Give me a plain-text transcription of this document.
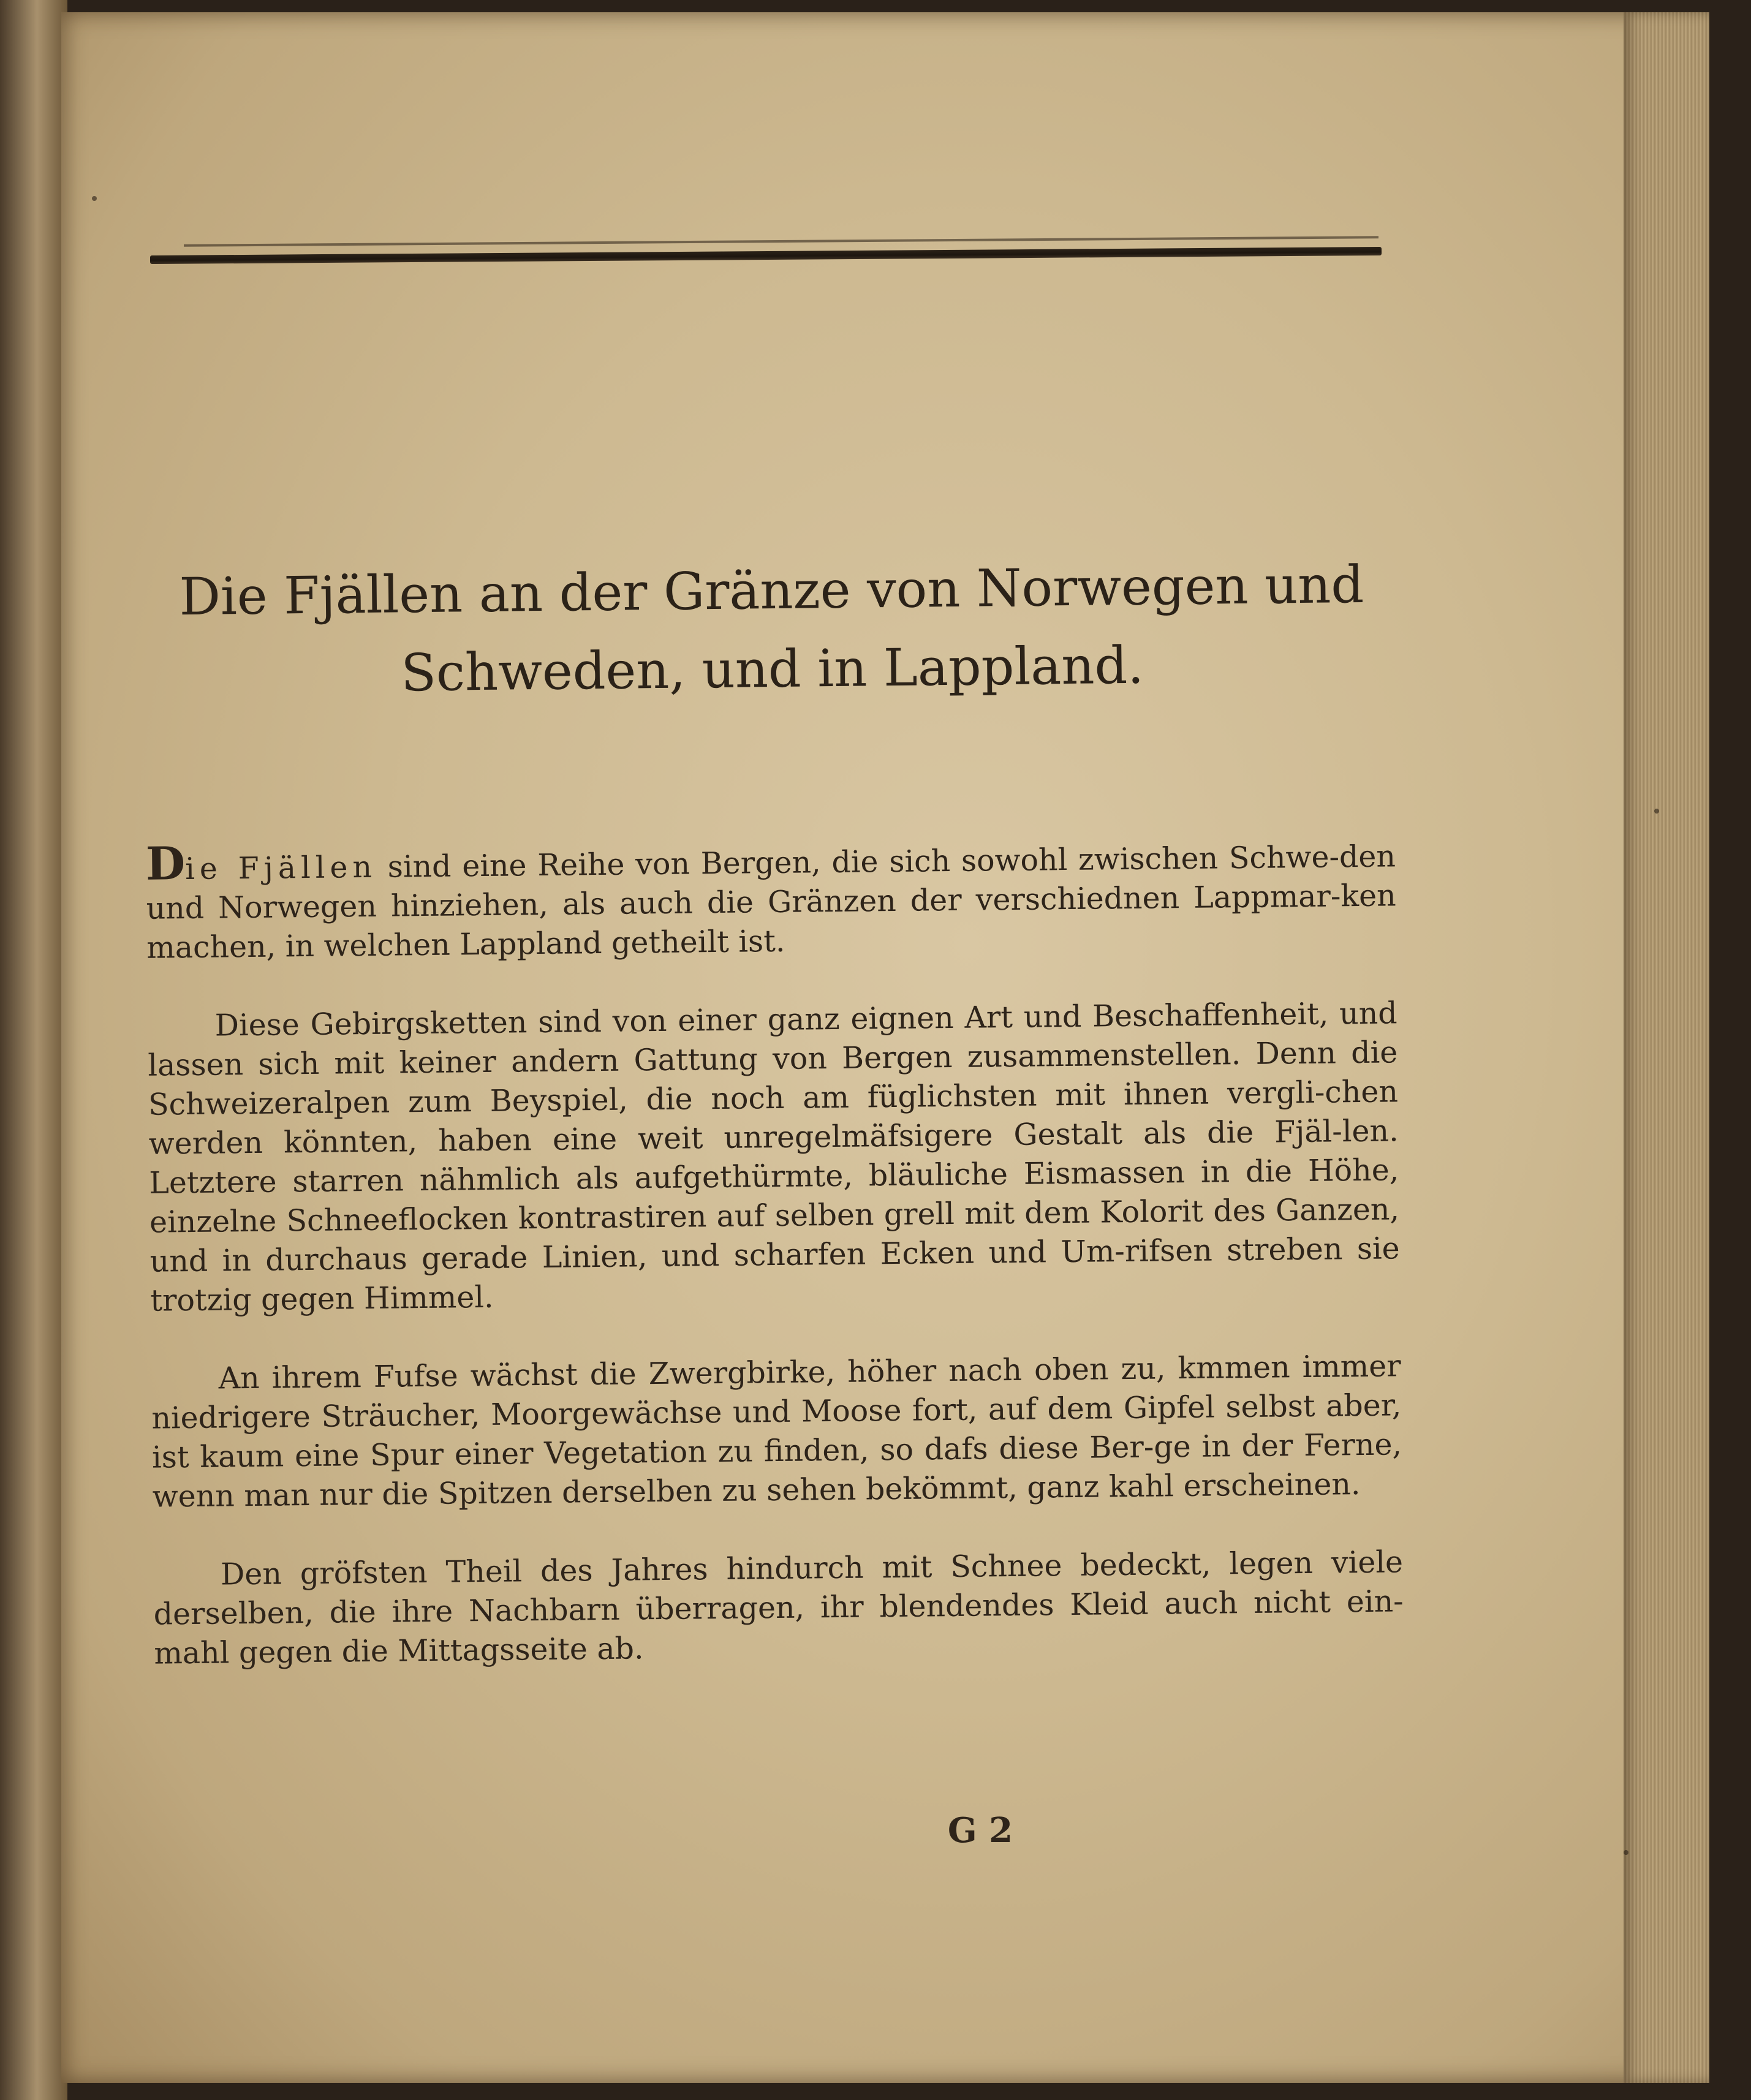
Die Fjällen an der Gränze von Norwegen und
Schweden, und in Lappland.

Die Fjällen sind eine Reihe von Bergen, die sich sowohl zwischen Schwe-den und Norwegen hinziehen, als auch die Gränzen der verschiednen Lappmar-ken machen, in welchen Lappland getheilt ist.

Diese Gebirgsketten sind von einer ganz eignen Art und Beschaffenheit, und lassen sich mit keiner andern Gattung von Bergen zusammenstellen. Denn die Schweizeralpen zum Beyspiel, die noch am füglichsten mit ihnen vergli-chen werden könnten, haben eine weit unregelmäfsigere Gestalt als die Fjäl-len. Letztere starren nähmlich als aufgethürmte, bläuliche Eismassen in die Höhe, einzelne Schneeflocken kontrastiren auf selben grell mit dem Kolorit des Ganzen, und in durchaus gerade Linien, und scharfen Ecken und Um-rifsen streben sie trotzig gegen Himmel.

An ihrem Fufse wächst die Zwergbirke, höher nach oben zu, kmmen immer niedrigere Sträucher, Moorgewächse und Moose fort, auf dem Gipfel selbst aber, ist kaum eine Spur einer Vegetation zu finden, so dafs diese Ber-ge in der Ferne, wenn man nur die Spitzen derselben zu sehen bekömmt, ganz kahl erscheinen.

Den gröfsten Theil des Jahres hindurch mit Schnee bedeckt, legen viele derselben, die ihre Nachbarn überragen, ihr blendendes Kleid auch nicht ein-mahl gegen die Mittagsseite ab.

G 2
